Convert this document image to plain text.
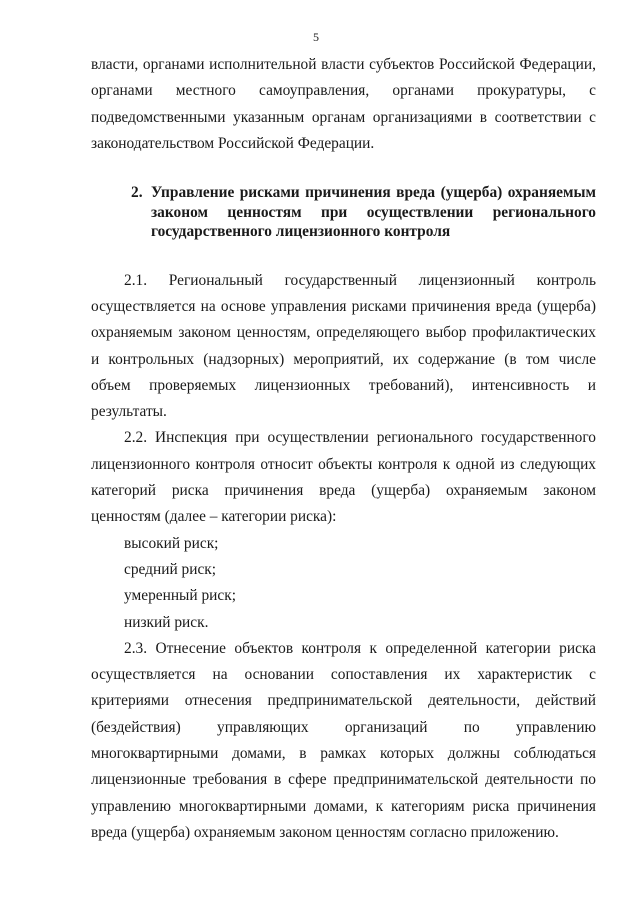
5

власти, органами исполнительной власти субъектов Российской Федерации,

органами местного самоуправления, органами прокуратуры, с

подведомственными указанным органам организациями в соответствии с

законодательством Российской Федерации.

2. Управление рисками причинения вреда (ущерба) охраняемым
законом ценностям при осуществлении регионального
государственного лицензионного контроля

2.1. Региональный государственный лицензионный контроль

осуществляется на основе управления рисками причинения вреда (ущерба) охраняемым законом ценностям, определяющего выбор профилактических и контрольных (надзорных) мероприятий, их содержание (в том числе объем проверяемых лицензионных требований), интенсивность и результаты.

2.2. Инспекция при осуществлении регионального государственного лицензионного контроля относит объекты контроля к одной из следующих категорий риска причинения вреда (ущерба) охраняемым законом ценностям (далее – категории риска):

высокий риск;

средний риск;

умеренный риск;

низкий риск.

2.3. Отнесение объектов контроля к определенной категории риска осуществляется на основании сопоставления их характеристик с критериями отнесения предпринимательской деятельности, действий (бездействия) управляющих организаций по управлению многоквартирными домами, в рамках которых должны соблюдаться лицензионные требования в сфере предпринимательской деятельности по управлению многоквартирными домами, к категориям риска причинения вреда (ущерба) охраняемым законом ценностям согласно приложению.
